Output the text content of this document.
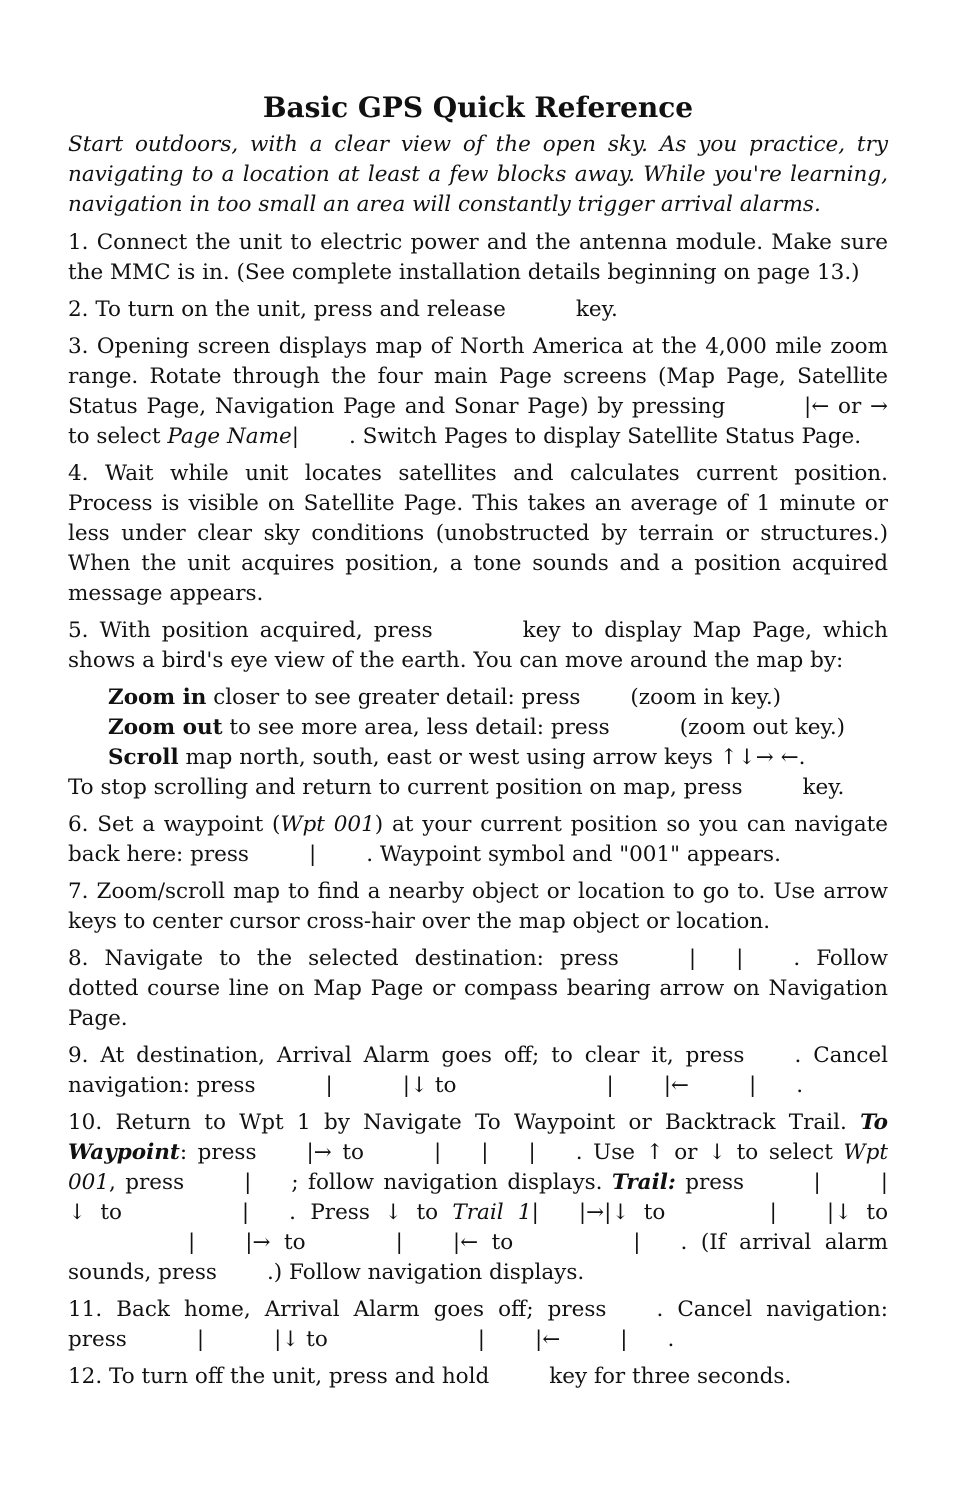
Basic GPS Quick Reference

Start outdoors, with a clear view of the open sky. As you practice, try navigating to a location at least a few blocks away. While you're learning, navigation in too small an area will constantly trigger arrival alarms.

1. Connect the unit to electric power and the antenna module. Make sure the MMC is in. (See complete installation details beginning on page 13.)

2. To turn on the unit, press and release	key.

3. Opening screen displays map of North America at the 4,000 mile zoom range. Rotate through the four main Page screens (Map Page, Satellite Status Page, Navigation Page and Sonar Page) by pressing	|← or → to select Page Name| . Switch Pages to display Satellite Status Page.

4. Wait while unit locates satellites and calculates current position. Process is visible on Satellite Page. This takes an average of 1 minute or less under clear sky conditions (unobstructed by terrain or structures.) When the unit acquires position, a tone sounds and a position acquired message appears.

5. With position acquired, press	key to display Map Page, which shows a bird's eye view of the earth. You can move around the map by:

Zoom in closer to see greater detail: press (zoom in key.)
Zoom out to see more area, less detail: press	(zoom out key.)
Scroll map north, south, east or west using arrow keys ↑↓→ ←.

To stop scrolling and return to current position on map, press	key.

6. Set a waypoint (Wpt 001) at your current position so you can navigate back here: press	| . Waypoint symbol and "001" appears.

7. Zoom/scroll map to find a nearby object or location to go to. Use arrow keys to center cursor cross-hair over the map object or location.

8. Navigate to the selected destination: press	| | . Follow dotted course line on Map Page or compass bearing arrow on Navigation Page.

9. At destination, Arrival Alarm goes off; to clear it, press . Cancel navigation: press	|	|↓ to	| |←	| .

10. Return to Wpt 1 by Navigate To Waypoint or Backtrack Trail. To Waypoint: press |→ to	| | | . Use ↑ or ↓ to select Wpt 001, press	| ; follow navigation displays. Trail: press	|	|↓ to	| . Press ↓ to Trail 1| |→|↓ to	| |↓ to| |→ to	| |← to	| . (If arrival alarm sounds, press .) Follow navigation displays.

11. Back home, Arrival Alarm goes off; press . Cancel navigation: press	|	|↓ to	| |←	| .

12. To turn off the unit, press and hold	key for three seconds.
